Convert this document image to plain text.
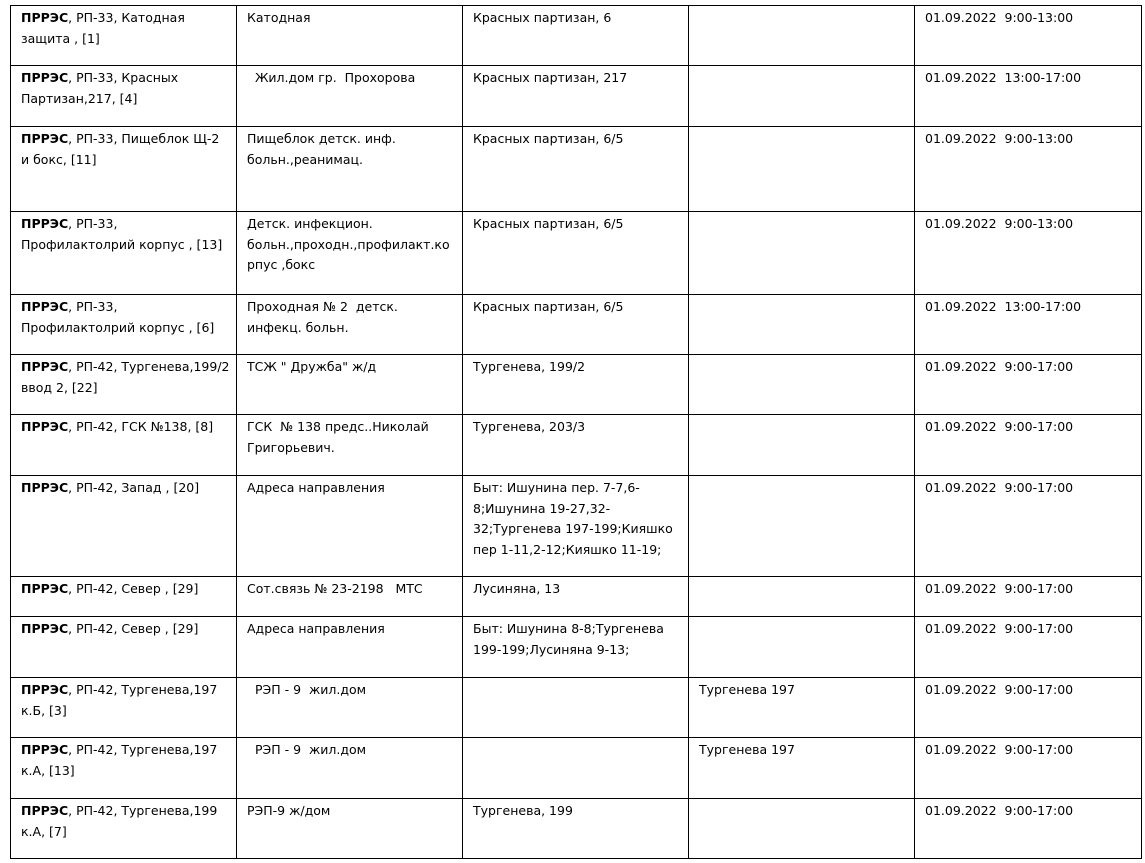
ПРРЭС, РП-33, Катодная защита , [1]	Катодная	Красных партизан, 6		01.09.2022  9:00-13:00
ПРРЭС, РП-33, Красных Партизан,217, [4]	Жил.дом гр.  Прохорова	Красных партизан, 217		01.09.2022  13:00-17:00
ПРРЭС, РП-33, Пищеблок Щ-2 и бокс, [11]	Пищеблок детск. инф. больн.,реанимац.	Красных партизан, 6/5		01.09.2022  9:00-13:00
ПРРЭС, РП-33, Профилактолрий корпус , [13]	Детск. инфекцион. больн.,проходн.,профилакт.корпус ,бокс	Красных партизан, 6/5		01.09.2022  9:00-13:00
ПРРЭС, РП-33, Профилактолрий корпус , [6]	Проходная № 2  детск. инфекц. больн.	Красных партизан, 6/5		01.09.2022  13:00-17:00
ПРРЭС, РП-42, Тургенева,199/2 ввод 2, [22]	ТСЖ " Дружба" ж/д	Тургенева, 199/2		01.09.2022  9:00-17:00
ПРРЭС, РП-42, ГСК №138, [8]	ГСК  № 138 предс..Николай Григорьевич.	Тургенева, 203/3		01.09.2022  9:00-17:00
ПРРЭС, РП-42, Запад , [20]	Адреса направления	Быт: Ишунина пер. 7-7,6-8;Ишунина 19-27,32-32;Тургенева 197-199;Кияшко пер 1-11,2-12;Кияшко 11-19;		01.09.2022  9:00-17:00
ПРРЭС, РП-42, Север , [29]	Сот.связь № 23-2198   МТС	Лусиняна, 13		01.09.2022  9:00-17:00
ПРРЭС, РП-42, Север , [29]	Адреса направления	Быт: Ишунина 8-8;Тургенева 199-199;Лусиняна 9-13;		01.09.2022  9:00-17:00
ПРРЭС, РП-42, Тургенева,197 к.Б, [3]	РЭП - 9  жил.дом		Тургенева 197	01.09.2022  9:00-17:00
ПРРЭС, РП-42, Тургенева,197 к.А, [13]	РЭП - 9  жил.дом		Тургенева 197	01.09.2022  9:00-17:00
ПРРЭС, РП-42, Тургенева,199 к.А, [7]	РЭП-9 ж/дом	Тургенева, 199		01.09.2022  9:00-17:00
